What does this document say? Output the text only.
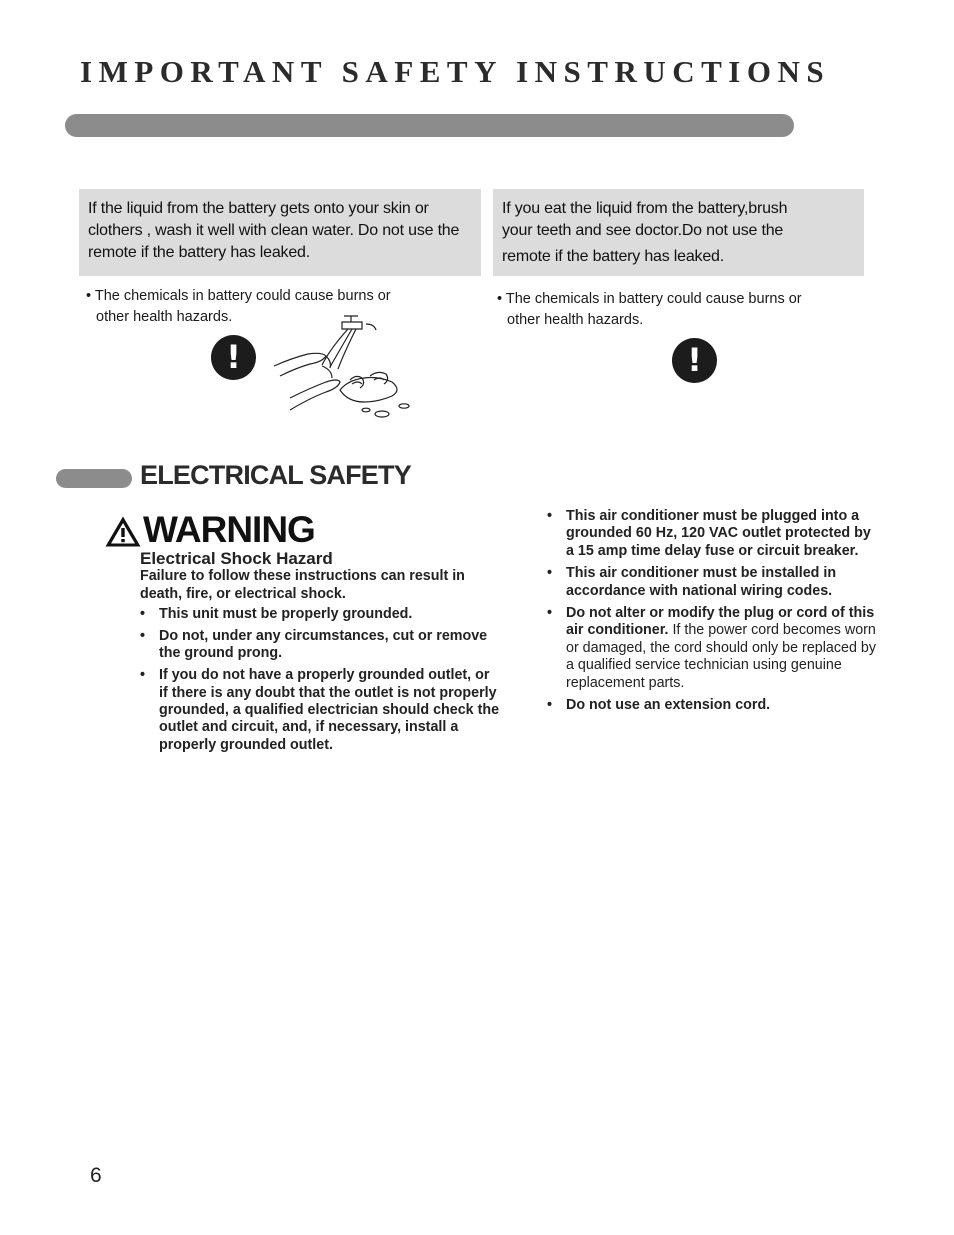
IMPORTANT SAFETY INSTRUCTIONS
If the liquid from the battery gets onto your skin or clothers , wash it well with clean water. Do not use the remote if the battery has leaked.
If you eat the liquid from the battery,brush
your teeth and see doctor.Do not use the
remote if the battery has leaked.
• The chemicals in battery could cause burns or
other health hazards.
• The chemicals in battery could cause burns or
other health hazards.
!	!
ELECTRICAL SAFETY
WARNING
Electrical Shock Hazard
Failure to follow these instructions can result in death, fire, or electrical shock.
• This unit must be properly grounded.
• Do not, under any circumstances, cut or remove the ground prong.
• If you do not have a properly grounded outlet, or if there is any doubt that the outlet is not properly grounded, a qualified electrician should check the outlet and circuit, and, if necessary, install a properly grounded outlet.
• This air conditioner must be plugged into a grounded 60 Hz, 120 VAC outlet protected by a 15 amp time delay fuse or circuit breaker.
• This air conditioner must be installed in accordance with national wiring codes.
• Do not alter or modify the plug or cord of this air conditioner. If the power cord becomes worn or damaged, the cord should only be replaced by a qualified service technician using genuine replacement parts.
• Do not use an extension cord.
6
